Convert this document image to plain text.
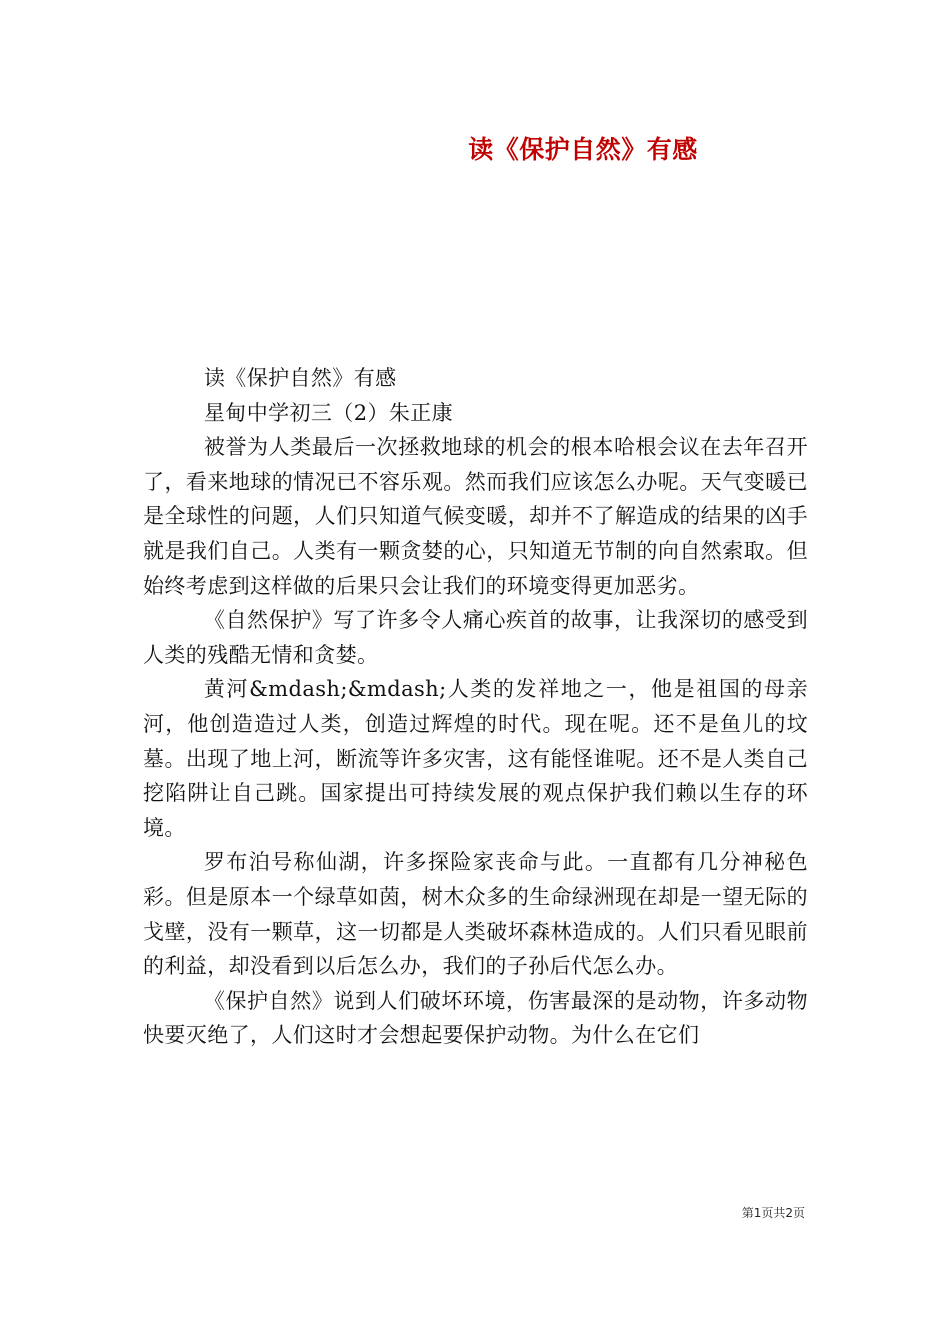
读《保护自然》有感

读《保护自然》有感

星甸中学初三（2）朱正康

被誉为人类最后一次拯救地球的机会的根本哈根会议在去年召开了，看来地球的情况已不容乐观。然而我们应该怎么办呢。天气变暖已是全球性的问题，人们只知道气候变暖，却并不了解造成的结果的凶手就是我们自己。人类有一颗贪婪的心，只知道无节制的向自然索取。但始终考虑到这样做的后果只会让我们的环境变得更加恶劣。

《自然保护》写了许多令人痛心疾首的故事，让我深切的感受到人类的残酷无情和贪婪。

黄河&mdash;&mdash;人类的发祥地之一，他是祖国的母亲河，他创造造过人类，创造过辉煌的时代。现在呢。还不是鱼儿的坟墓。出现了地上河，断流等许多灾害，这有能怪谁呢。还不是人类自己挖陷阱让自己跳。国家提出可持续发展的观点保护我们赖以生存的环境。

罗布泊号称仙湖，许多探险家丧命与此。一直都有几分神秘色彩。但是原本一个绿草如茵，树木众多的生命绿洲现在却是一望无际的戈壁，没有一颗草，这一切都是人类破坏森林造成的。人们只看见眼前的利益，却没看到以后怎么办，我们的子孙后代怎么办。

《保护自然》说到人们破坏环境，伤害最深的是动物，许多动物快要灭绝了，人们这时才会想起要保护动物。为什么在它们

第1页共2页
